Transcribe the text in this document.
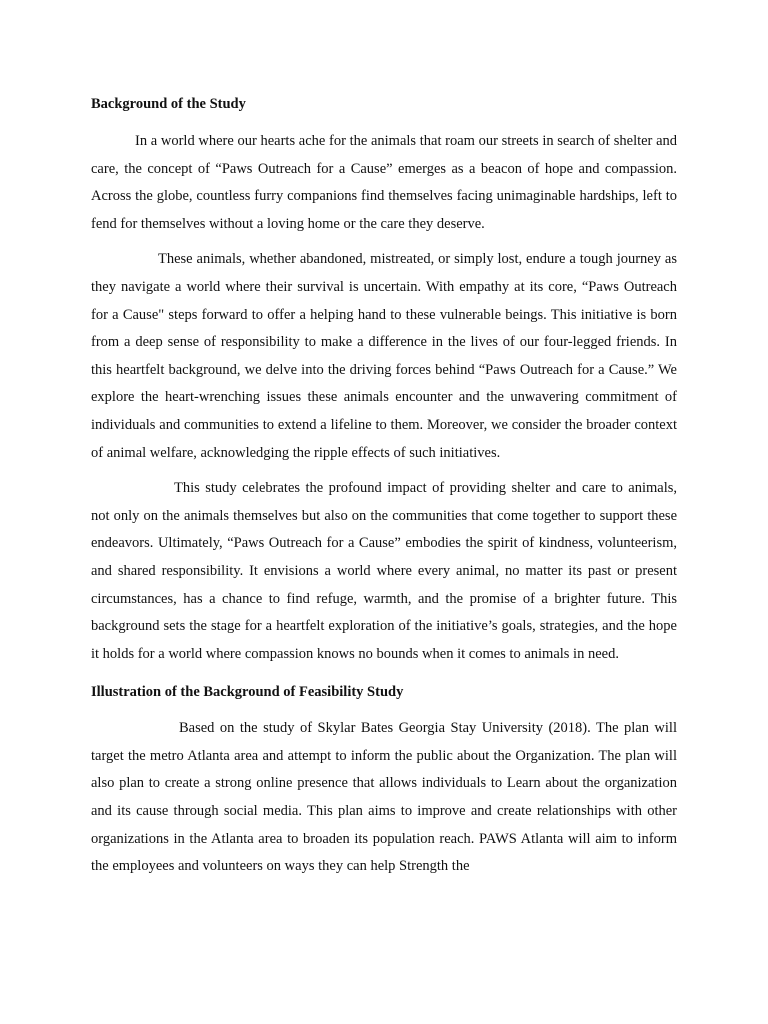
Background of the Study

In a world where our hearts ache for the animals that roam our streets in search of shelter and care, the concept of “Paws Outreach for a Cause” emerges as a beacon of hope and compassion. Across the globe, countless furry companions find themselves facing unimaginable hardships, left to fend for themselves without a loving home or the care they deserve.

These animals, whether abandoned, mistreated, or simply lost, endure a tough journey as they navigate a world where their survival is uncertain. With empathy at its core, “Paws Outreach for a Cause" steps forward to offer a helping hand to these vulnerable beings. This initiative is born from a deep sense of responsibility to make a difference in the lives of our four-legged friends. In this heartfelt background, we delve into the driving forces behind “Paws Outreach for a Cause.” We explore the heart-wrenching issues these animals encounter and the unwavering commitment of individuals and communities to extend a lifeline to them. Moreover, we consider the broader context of animal welfare, acknowledging the ripple effects of such initiatives.

This study celebrates the profound impact of providing shelter and care to animals, not only on the animals themselves but also on the communities that come together to support these endeavors. Ultimately, “Paws Outreach for a Cause” embodies the spirit of kindness, volunteerism, and shared responsibility. It envisions a world where every animal, no matter its past or present circumstances, has a chance to find refuge, warmth, and the promise of a brighter future. This background sets the stage for a heartfelt exploration of the initiative’s goals, strategies, and the hope it holds for a world where compassion knows no bounds when it comes to animals in need.

Illustration of the Background of Feasibility Study

Based on the study of Skylar Bates Georgia Stay University (2018). The plan will target the metro Atlanta area and attempt to inform the public about the Organization. The plan will also plan to create a strong online presence that allows individuals to Learn about the organization and its cause through social media. This plan aims to improve and create relationships with other organizations in the Atlanta area to broaden its population reach. PAWS Atlanta will aim to inform the employees and volunteers on ways they can help Strength the
